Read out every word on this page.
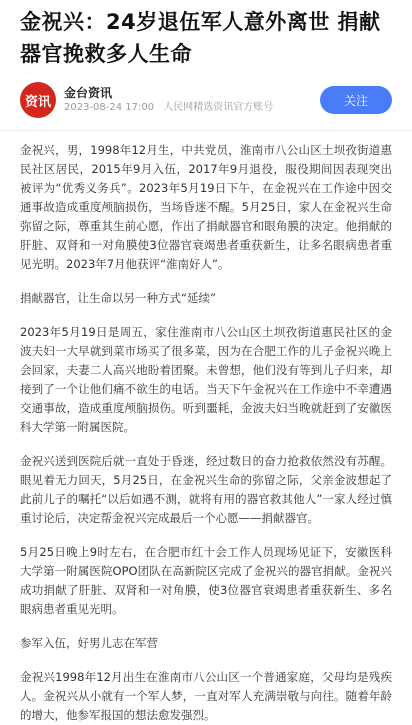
金祝兴：24岁退伍军人意外离世 捐献器官挽救多人生命
资讯
金台资讯
2023-08-24 17:00 人民网精选资讯官方账号	关注

金祝兴，男，1998年12月生，中共党员，淮南市八公山区土坝孜街道惠民社区居民，2015年9月入伍，2017年9月退役，服役期间因表现突出被评为“优秀义务兵”。2023年5月19日下午，在金祝兴在工作途中因交通事故造成重度颅脑损伤，当场昏迷不醒。5月25日，家人在金祝兴生命弥留之际，尊重其生前心愿，作出了捐献器官和眼角膜的决定。他捐献的肝脏、双肾和一对角膜使3位器官衰竭患者重获新生，让多名眼病患者重见光明。2023年7月他获评“淮南好人”。

捐献器官，让生命以另一种方式“延续”

2023年5月19日是周五，家住淮南市八公山区土坝孜街道惠民社区的金波夫妇一大早就到菜市场买了很多菜，因为在合肥工作的儿子金祝兴晚上会回家，夫妻二人高兴地盼着团聚。未曾想，他们没有等到儿子归来，却接到了一个让他们痛不欲生的电话。当天下午金祝兴在工作途中不幸遭遇交通事故，造成重度颅脑损伤。听到噩耗，金波夫妇当晚就赶到了安徽医科大学第一附属医院。

金祝兴送到医院后就一直处于昏迷，经过数日的奋力抢救依然没有苏醒。眼见着无力回天，5月25日，在金祝兴生命的弥留之际，父亲金波想起了此前儿子的嘱托“以后如遇不测，就将有用的器官救其他人”一家人经过慎重讨论后，决定帮金祝兴完成最后一个心愿——捐献器官。

5月25日晚上9时左右，在合肥市红十会工作人员现场见证下，安徽医科大学第一附属医院OPO团队在高新院区完成了金祝兴的器官捐献。金祝兴成功捐献了肝脏、双肾和一对角膜，使3位器官衰竭患者重获新生、多名眼病患者重见光明。

参军入伍，好男儿志在军营

金祝兴1998年12月出生在淮南市八公山区一个普通家庭，父母均是残疾人。金祝兴从小就有一个军人梦，一直对军人充满崇敬与向往。随着年龄的增大，他参军报国的想法愈发强烈。
